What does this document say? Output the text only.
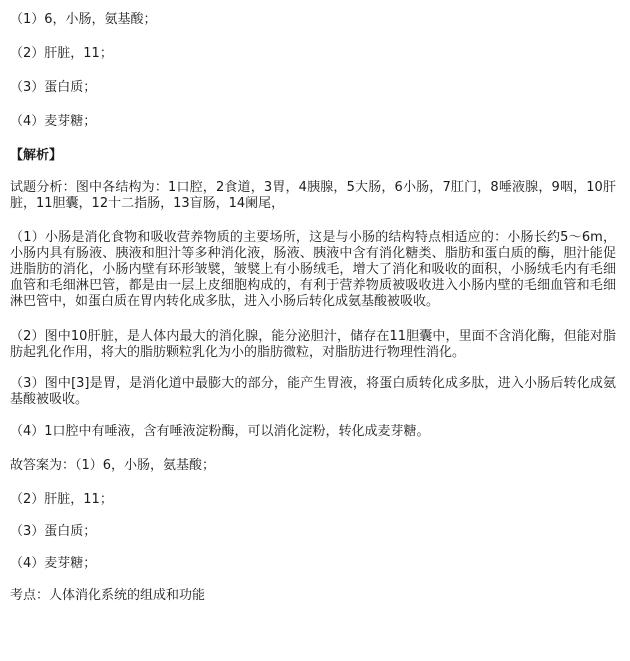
（1）6，小肠，氨基酸；
（2）肝脏，11；
（3）蛋白质；
（4）麦芽糖；
【解析】
试题分析：图中各结构为：1口腔，2食道，3胃，4胰腺，5大肠，6小肠，7肛门，8唾液腺，9咽，10肝脏，11胆囊，12十二指肠，13盲肠，14阑尾，
（1）小肠是消化食物和吸收营养物质的主要场所，这是与小肠的结构特点相适应的：小肠长约5～6m，小肠内具有肠液、胰液和胆汁等多种消化液，肠液、胰液中含有消化糖类、脂肪和蛋白质的酶，胆汁能促进脂肪的消化，小肠内壁有环形皱襞，皱襞上有小肠绒毛，增大了消化和吸收的面积，小肠绒毛内有毛细血管和毛细淋巴管，都是由一层上皮细胞构成的，有利于营养物质被吸收进入小肠内壁的毛细血管和毛细淋巴管中，如蛋白质在胃内转化成多肽，进入小肠后转化成氨基酸被吸收。
（2）图中10肝脏，是人体内最大的消化腺，能分泌胆汁，储存在11胆囊中，里面不含消化酶，但能对脂肪起乳化作用，将大的脂肪颗粒乳化为小的脂肪微粒，对脂肪进行物理性消化。
（3）图中[3]是胃，是消化道中最膨大的部分，能产生胃液，将蛋白质转化成多肽，进入小肠后转化成氨基酸被吸收。
（4）1口腔中有唾液，含有唾液淀粉酶，可以消化淀粉，转化成麦芽糖。
故答案为：（1）6，小肠，氨基酸；
（2）肝脏，11；
（3）蛋白质；
（4）麦芽糖；
考点：人体消化系统的组成和功能
